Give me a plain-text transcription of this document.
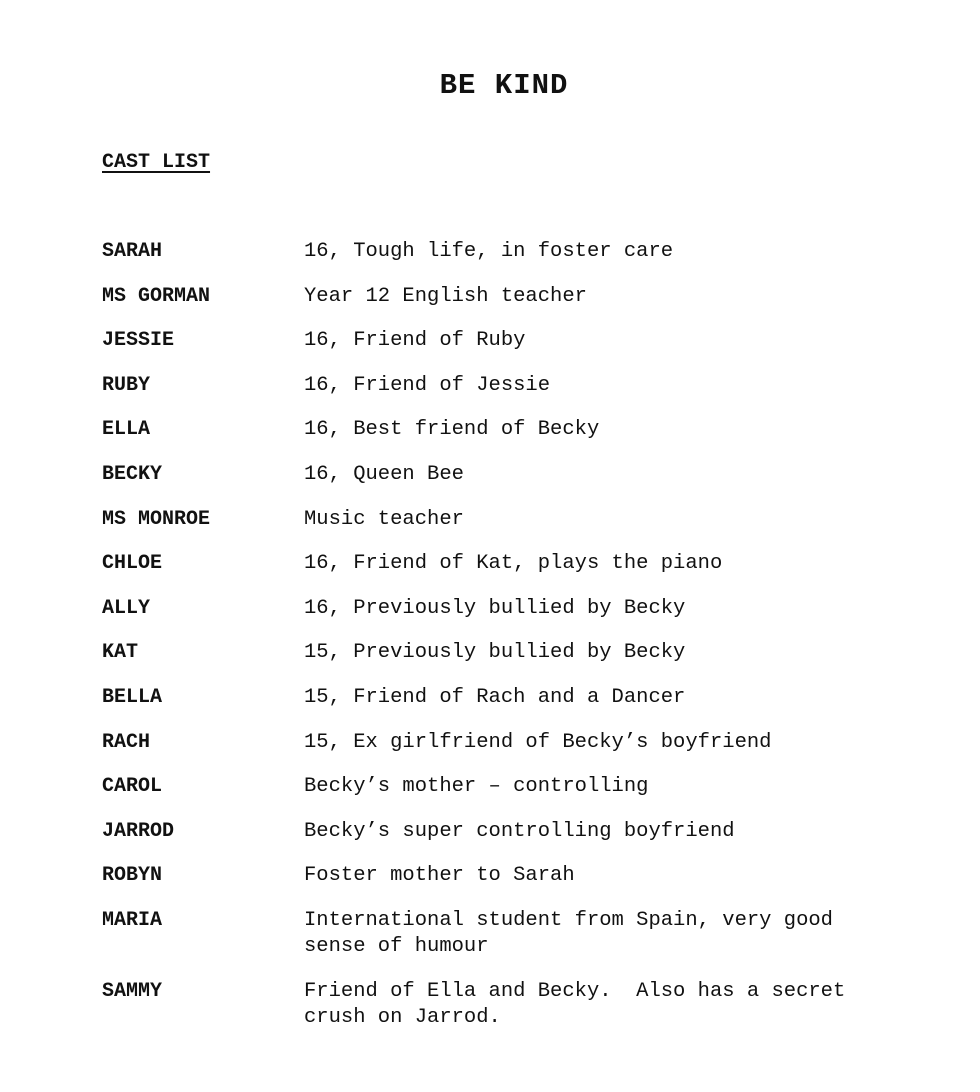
BE KIND
CAST LIST
SARAH	16, Tough life, in foster care
MS GORMAN	Year 12 English teacher
JESSIE	16, Friend of Ruby
RUBY	16, Friend of Jessie
ELLA	16, Best friend of Becky
BECKY	16, Queen Bee
MS MONROE	Music teacher
CHLOE	16, Friend of Kat, plays the piano
ALLY	16, Previously bullied by Becky
KAT	15, Previously bullied by Becky
BELLA	15, Friend of Rach and a Dancer
RACH	15, Ex girlfriend of Becky’s boyfriend
CAROL	Becky’s mother – controlling
JARROD	Becky’s super controlling boyfriend
ROBYN	Foster mother to Sarah
MARIA	International student from Spain, very good sense of humour
SAMMY	Friend of Ella and Becky.  Also has a secret crush on Jarrod.
